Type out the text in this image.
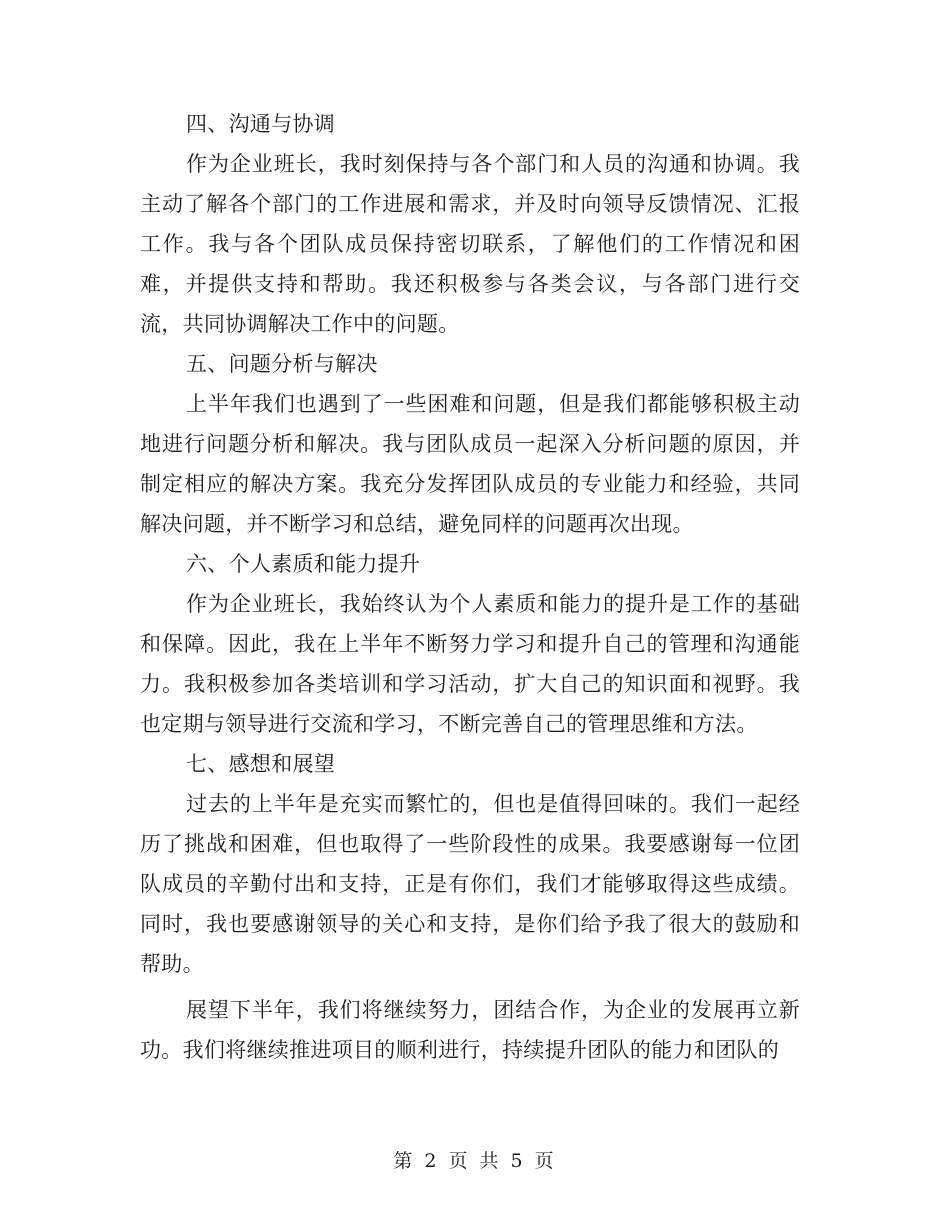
四、沟通与协调

作为企业班长，我时刻保持与各个部门和人员的沟通和协调。我主动了解各个部门的工作进展和需求，并及时向领导反馈情况、汇报工作。我与各个团队成员保持密切联系，了解他们的工作情况和困难，并提供支持和帮助。我还积极参与各类会议，与各部门进行交流，共同协调解决工作中的问题。

五、问题分析与解决

上半年我们也遇到了一些困难和问题，但是我们都能够积极主动地进行问题分析和解决。我与团队成员一起深入分析问题的原因，并制定相应的解决方案。我充分发挥团队成员的专业能力和经验，共同解决问题，并不断学习和总结，避免同样的问题再次出现。

六、个人素质和能力提升

作为企业班长，我始终认为个人素质和能力的提升是工作的基础和保障。因此，我在上半年不断努力学习和提升自己的管理和沟通能力。我积极参加各类培训和学习活动，扩大自己的知识面和视野。我也定期与领导进行交流和学习，不断完善自己的管理思维和方法。

七、感想和展望

过去的上半年是充实而繁忙的，但也是值得回味的。我们一起经历了挑战和困难，但也取得了一些阶段性的成果。我要感谢每一位团队成员的辛勤付出和支持，正是有你们，我们才能够取得这些成绩。同时，我也要感谢领导的关心和支持，是你们给予我了很大的鼓励和帮助。

展望下半年，我们将继续努力，团结合作，为企业的发展再立新功。我们将继续推进项目的顺利进行，持续提升团队的能力和团队的

第 2 页 共 5 页
